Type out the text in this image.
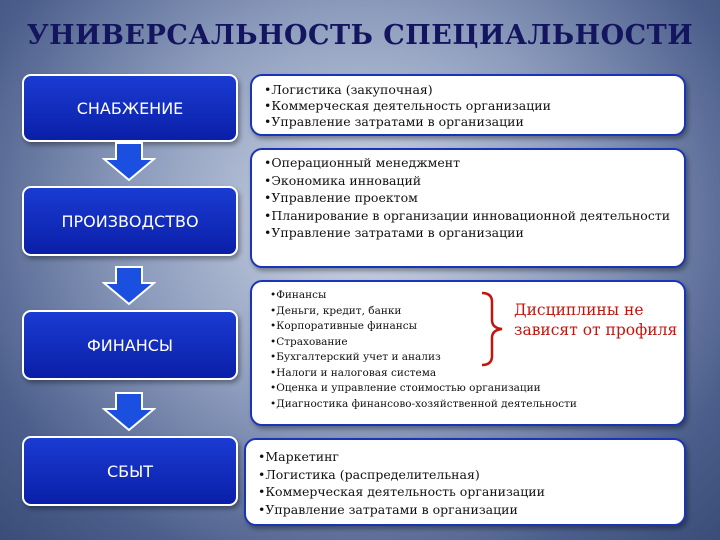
УНИВЕРСАЛЬНОСТЬ СПЕЦИАЛЬНОСТИ
СНАБЖЕНИЕ
ПРОИЗВОДСТВО
ФИНАНСЫ
СБЫТ
•Логистика (закупочная)
•Коммерческая деятельность организации
•Управление затратами в организации
•Операционный менеджмент
•Экономика инноваций
•Управление проектом
•Планирование в организации инновационной деятельности
•Управление затратами в организации
•Финансы
•Деньги, кредит, банки
•Корпоративные финансы
•Страхование
•Бухгалтерский учет и анализ
•Налоги и налоговая система
•Оценка и управление стоимостью организации
•Диагностика финансово-хозяйственной деятельности
Дисциплины не зависят от профиля
•Маркетинг
•Логистика (распределительная)
•Коммерческая деятельность организации
•Управление затратами в организации
